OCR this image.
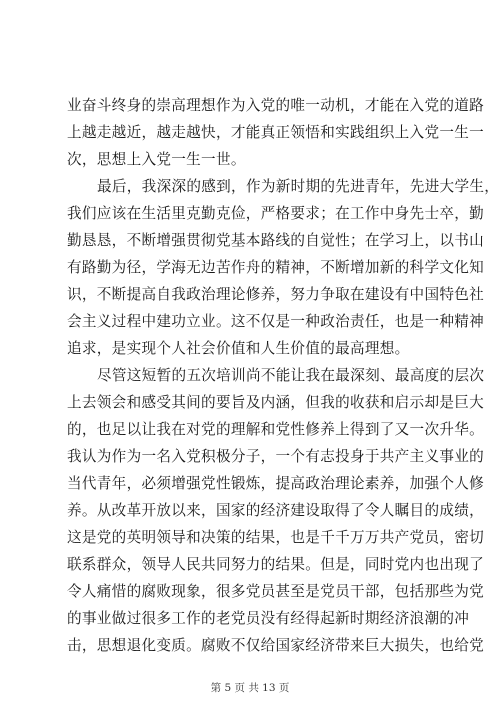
业奋斗终身的崇高理想作为入党的唯一动机，才能在入党的道路
上越走越近，越走越快，才能真正领悟和实践组织上入党一生一
次，思想上入党一生一世。
最后，我深深的感到，作为新时期的先进青年，先进大学生，
我们应该在生活里克勤克俭，严格要求；在工作中身先士卒，勤
勤恳恳，不断增强贯彻党基本路线的自觉性；在学习上，以书山
有路勤为径，学海无边苦作舟的精神，不断增加新的科学文化知
识，不断提高自我政治理论修养，努力争取在建设有中国特色社
会主义过程中建功立业。这不仅是一种政治责任，也是一种精神
追求，是实现个人社会价值和人生价值的最高理想。
尽管这短暂的五次培训尚不能让我在最深刻、最高度的层次
上去领会和感受其间的要旨及内涵，但我的收获和启示却是巨大
的，也足以让我在对党的理解和党性修养上得到了又一次升华。
我认为作为一名入党积极分子，一个有志投身于共产主义事业的
当代青年，必须增强党性锻炼，提高政治理论素养，加强个人修
养。从改革开放以来，国家的经济建设取得了令人瞩目的成绩，
这是党的英明领导和决策的结果，也是千千万万共产党员，密切
联系群众，领导人民共同努力的结果。但是，同时党内也出现了
令人痛惜的腐败现象，很多党员甚至是党员干部，包括那些为党
的事业做过很多工作的老党员没有经得起新时期经济浪潮的冲
击，思想退化变质。腐败不仅给国家经济带来巨大损失，也给党
第 5 页 共 13 页
